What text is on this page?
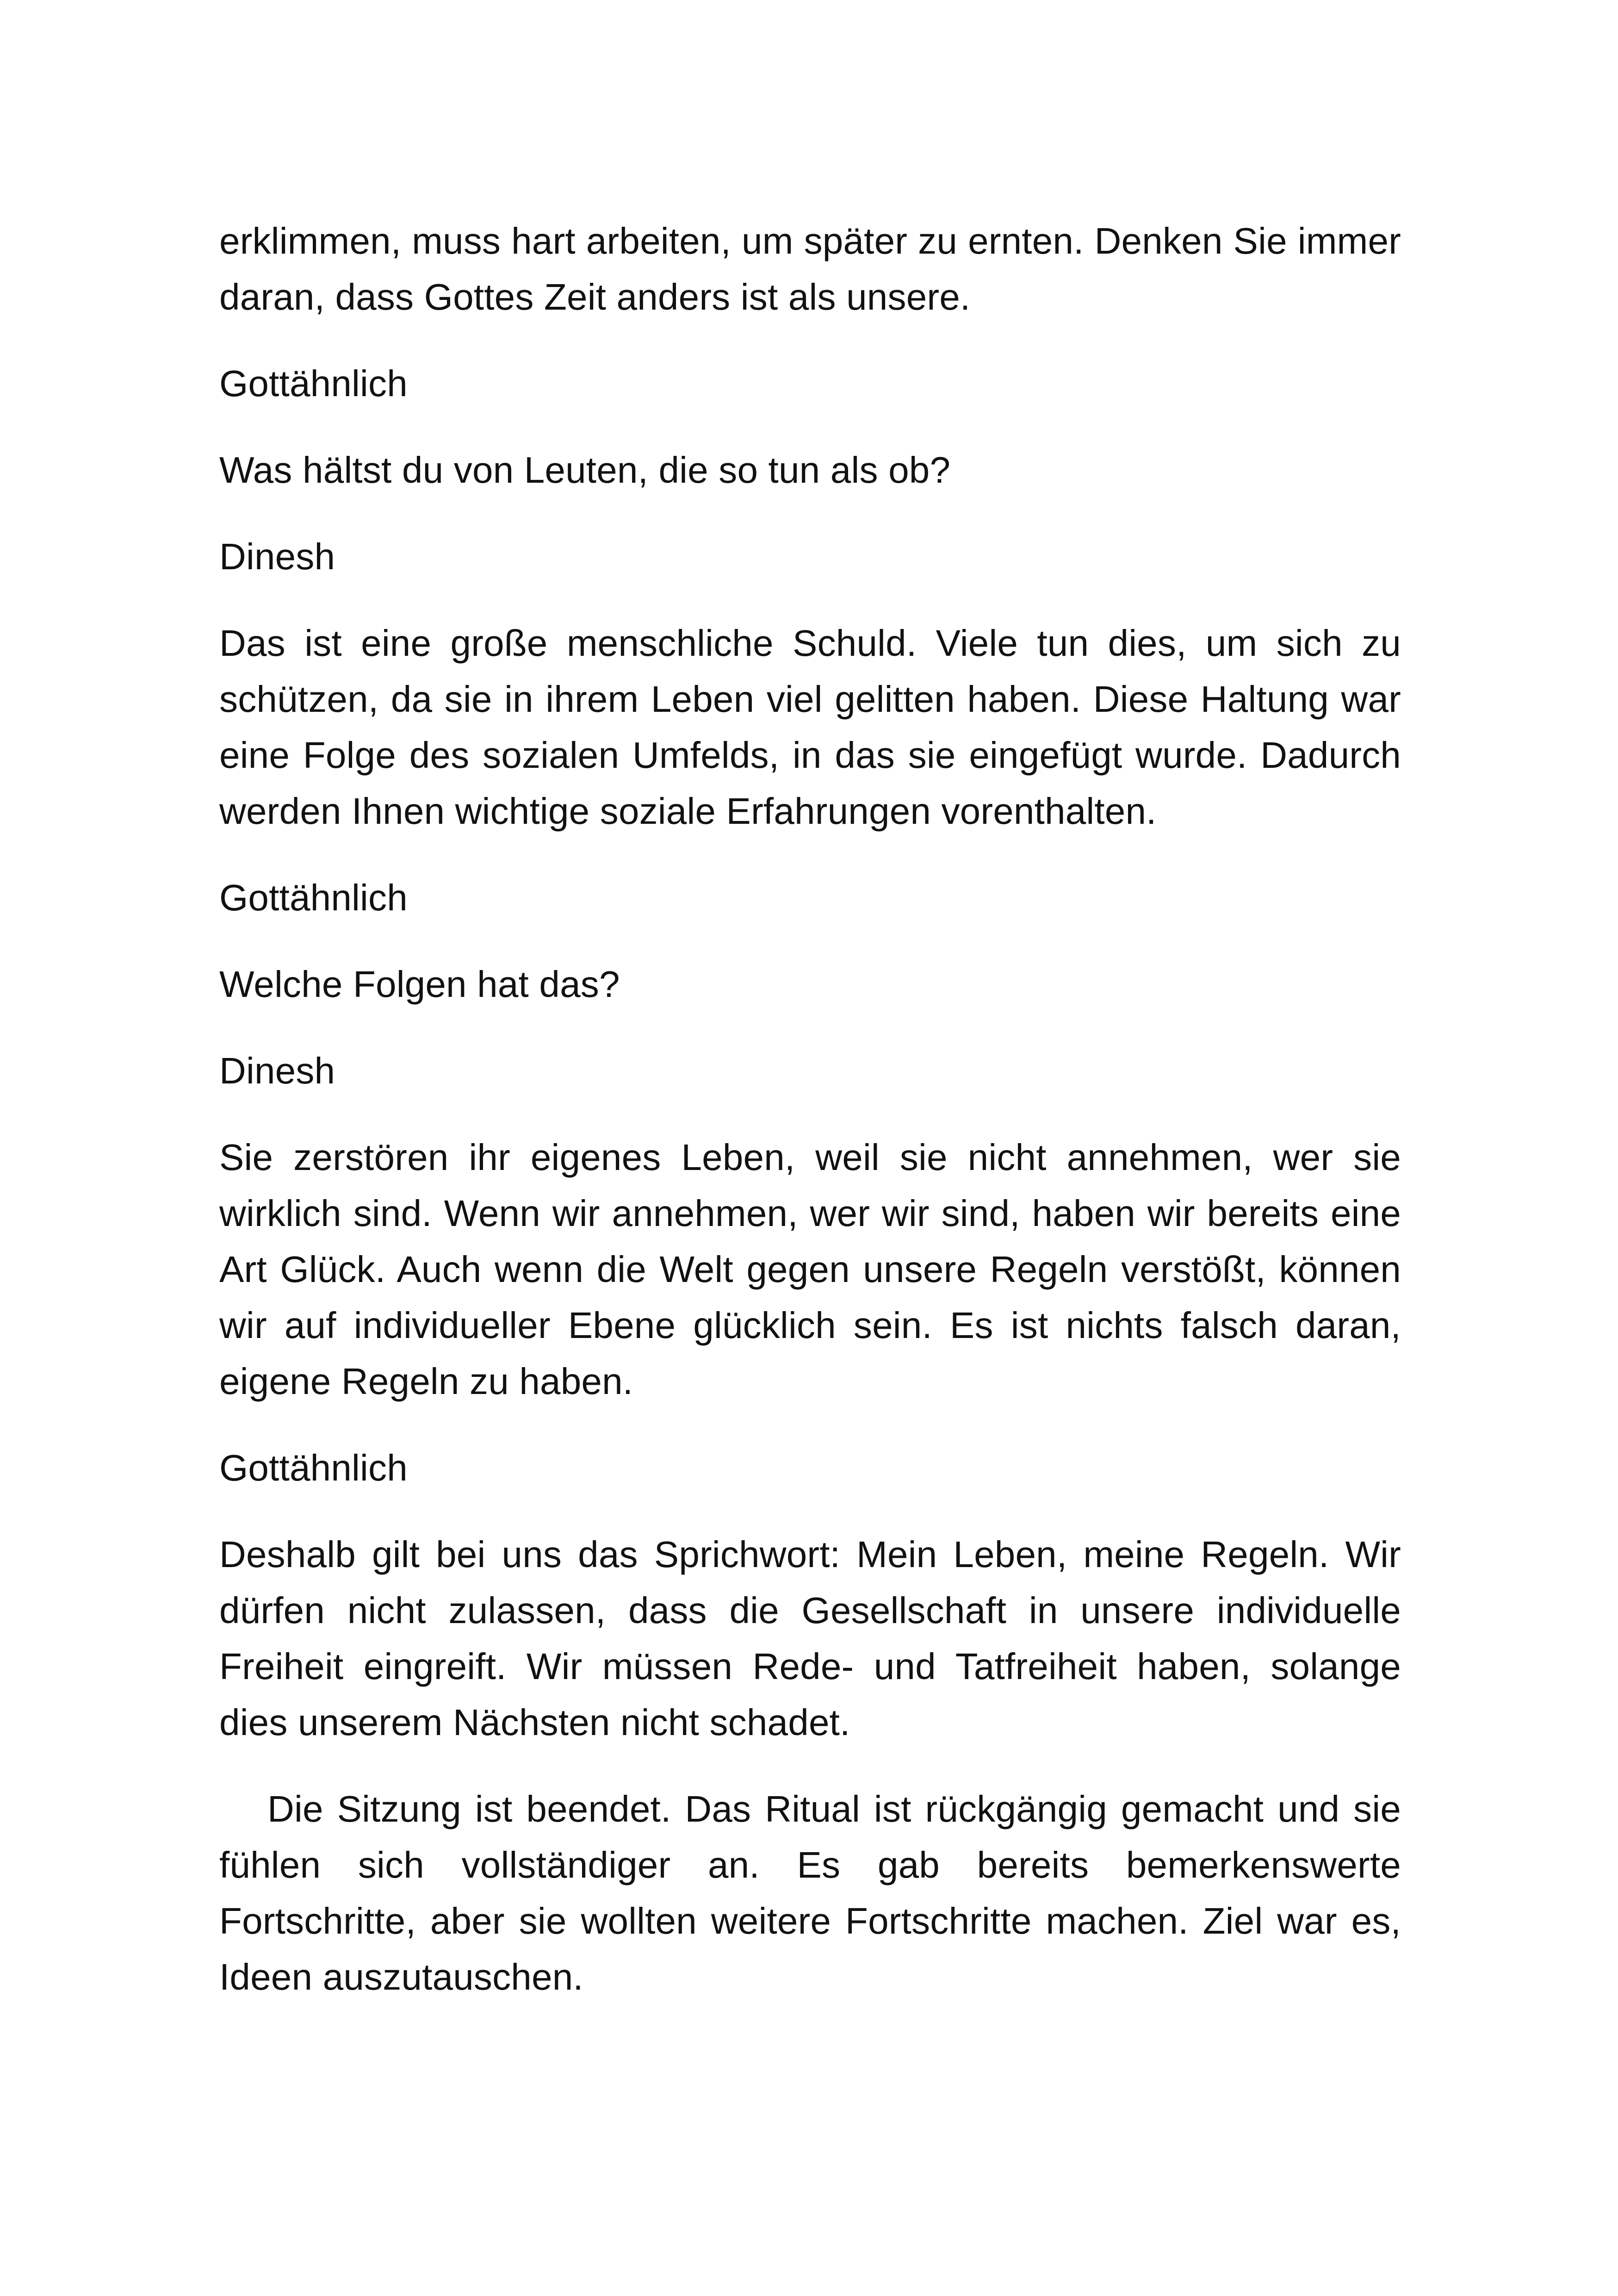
erklimmen, muss hart arbeiten, um später zu ernten. Denken Sie immer daran, dass Gottes Zeit anders ist als unsere.

Gottähnlich

Was hältst du von Leuten, die so tun als ob?

Dinesh

Das ist eine große menschliche Schuld. Viele tun dies, um sich zu schützen, da sie in ihrem Leben viel gelitten haben. Diese Haltung war eine Folge des sozialen Umfelds, in das sie eingefügt wurde. Dadurch werden Ihnen wichtige soziale Erfahrungen vorenthalten.

Gottähnlich

Welche Folgen hat das?

Dinesh

Sie zerstören ihr eigenes Leben, weil sie nicht annehmen, wer sie wirklich sind. Wenn wir annehmen, wer wir sind, haben wir bereits eine Art Glück. Auch wenn die Welt gegen unsere Regeln verstößt, können wir auf individueller Ebene glücklich sein. Es ist nichts falsch daran, eigene Regeln zu haben.

Gottähnlich

Deshalb gilt bei uns das Sprichwort: Mein Leben, meine Regeln. Wir dürfen nicht zulassen, dass die Gesellschaft in unsere individuelle Freiheit eingreift. Wir müssen Rede- und Tatfreiheit haben, solange dies unserem Nächsten nicht schadet.

Die Sitzung ist beendet. Das Ritual ist rückgängig gemacht und sie fühlen sich vollständiger an. Es gab bereits bemerkenswerte Fortschritte, aber sie wollten weitere Fortschritte machen. Ziel war es, Ideen auszutauschen.
